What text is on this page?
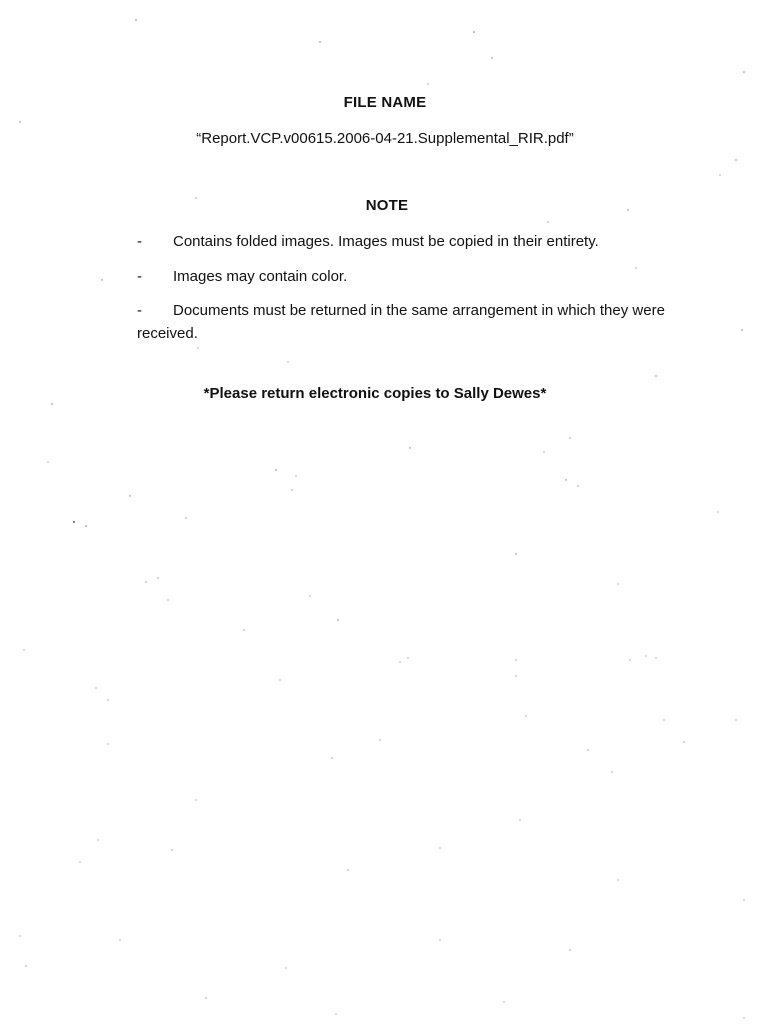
FILE NAME
“Report.VCP.v00615.2006-04-21.Supplemental_RIR.pdf”
NOTE
-	Contains folded images. Images must be copied in their entirety.
-	Images may contain color.
-	Documents must be returned in the same arrangement in which they were received.
*Please return electronic copies to Sally Dewes*
